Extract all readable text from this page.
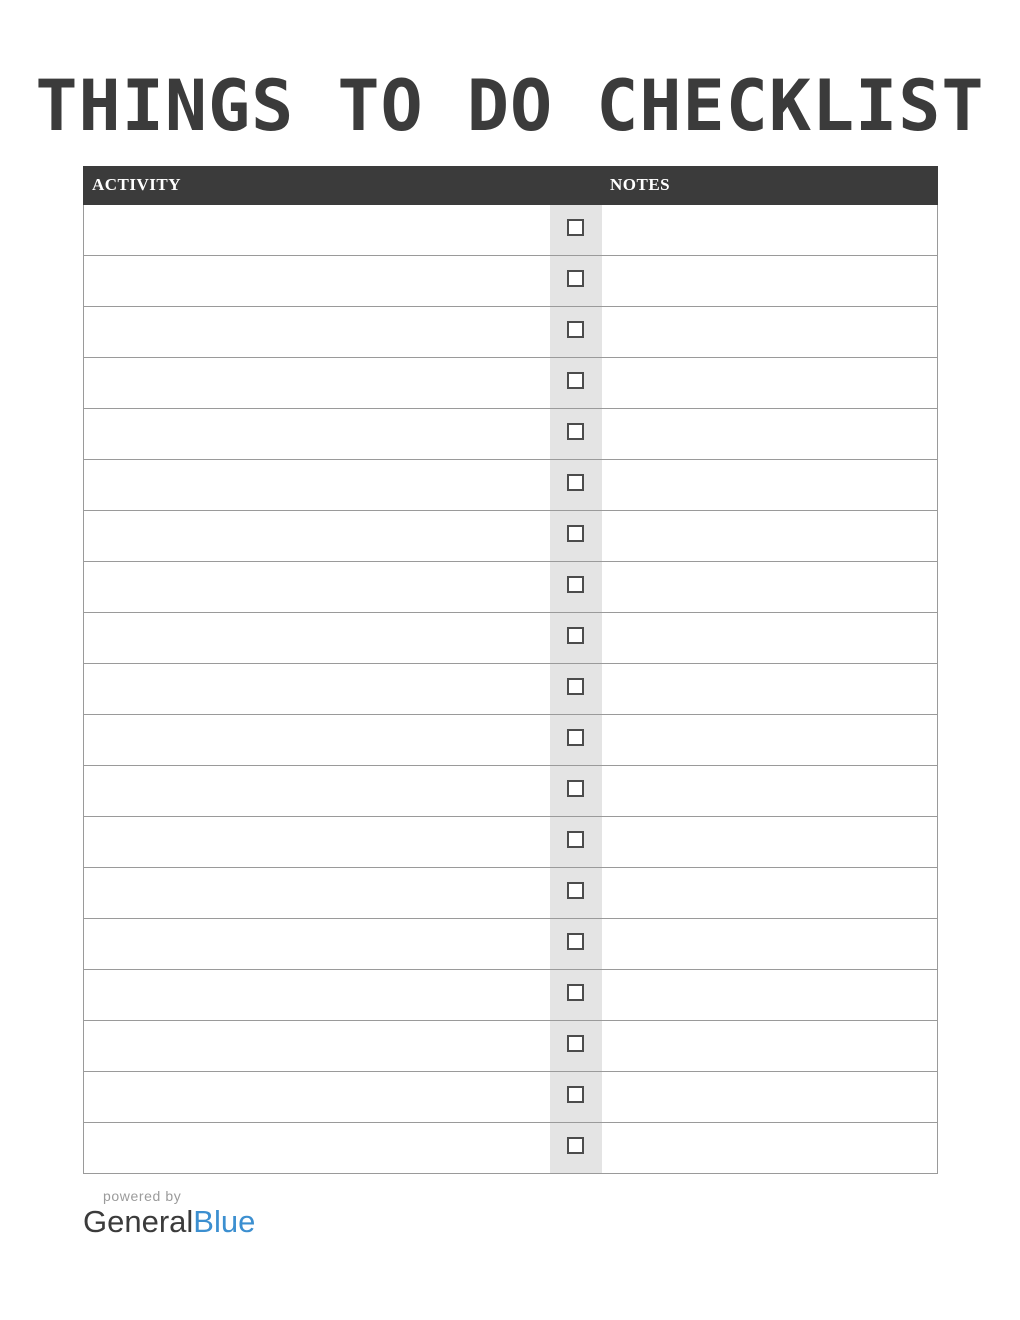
THINGS TO DO CHECKLIST
ACTIVITY		NOTES

powered by

GeneralBlue
